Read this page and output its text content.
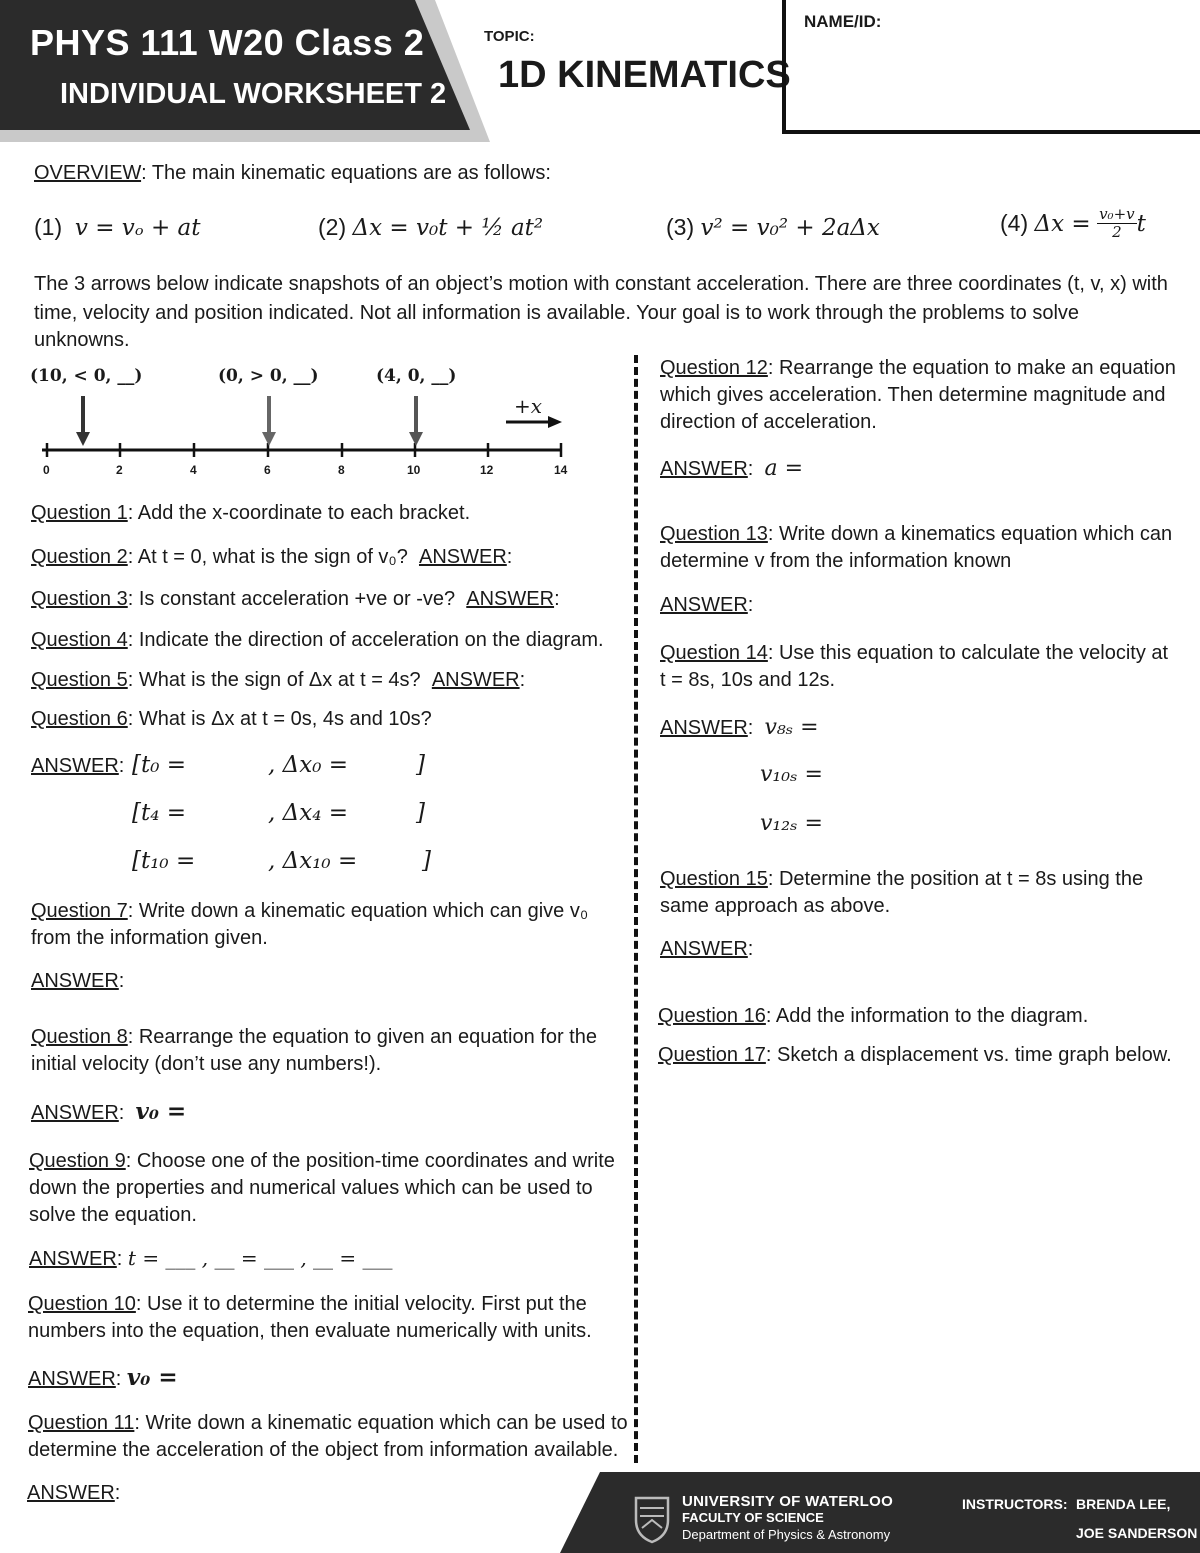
PHYS 111 W20 Class 2
INDIVIDUAL WORKSHEET 2
TOPIC:
1D KINEMATICS
NAME/ID:
OVERVIEW: The main kinematic equations are as follows:
(1) v = vₒ + at	(2) Δx = v₀t + ½ at²	(3) v² = v₀² + 2aΔx	(4)
Δx =
$\frac{\text{v₀+v}}{2}$ t
The 3 arrows below indicate snapshots of an object’s motion with constant acceleration. There are three coordinates (t, v, x) with
time, velocity and position indicated. Not all information is available. Your goal is to work through the problems to solve unknowns.
(10, < 0, __)	(0, > 0, __)	(4, 0, __)
+x
0	2	4	6	8	10	12	14
Question 1: Add the x-coordinate to each bracket.
Question 2: At t = 0, what is the sign of v₀? ANSWER:
Question 3: Is constant acceleration +ve or -ve? ANSWER:
Question 4: Indicate the direction of acceleration on the diagram.
Question 5: What is the sign of Δx at t = 4s? ANSWER:
Question 6: What is Δx at t = 0s, 4s and 10s?
ANSWER: [t₀ =	, Δx₀ =	]
[t₄ =	, Δx₄ =	]
[t₁₀ =	, Δx₁₀ =	]
Question 7: Write down a kinematic equation which can give v₀
from the information given.
ANSWER:
Question 8: Rearrange the equation to given an equation for the
initial velocity (don’t use any numbers!).
ANSWER:  v₀ =
Question 9: Choose one of the position-time coordinates and write
down the properties and numerical values which can be used to
solve the equation.
ANSWER: t = ___ , __ = ___ , __ = ___
Question 10: Use it to determine the initial velocity. First put the
numbers into the equation, then evaluate numerically with units.
ANSWER: v₀ =
Question 11: Write down a kinematic equation which can be used to
determine the acceleration of the object from information available.
ANSWER:
Question 12: Rearrange the equation to make an equation
which gives acceleration. Then determine magnitude and
direction of acceleration.
ANSWER:  a =
Question 13: Write down a kinematics equation which can
determine v from the information known
ANSWER:
Question 14: Use this equation to calculate the velocity at
t = 8s, 10s and 12s.
ANSWER:  v₈ₛ =
v₁₀ₛ =
v₁₂ₛ =
Question 15: Determine the position at t = 8s using the
same approach as above.
ANSWER:
Question 16: Add the information to the diagram.
Question 17: Sketch a displacement vs. time graph below.
UNIVERSITY OF WATERLOO
FACULTY OF SCIENCE
Department of Physics & Astronomy
INSTRUCTORS: BRENDA LEE,
JOE SANDERSON
